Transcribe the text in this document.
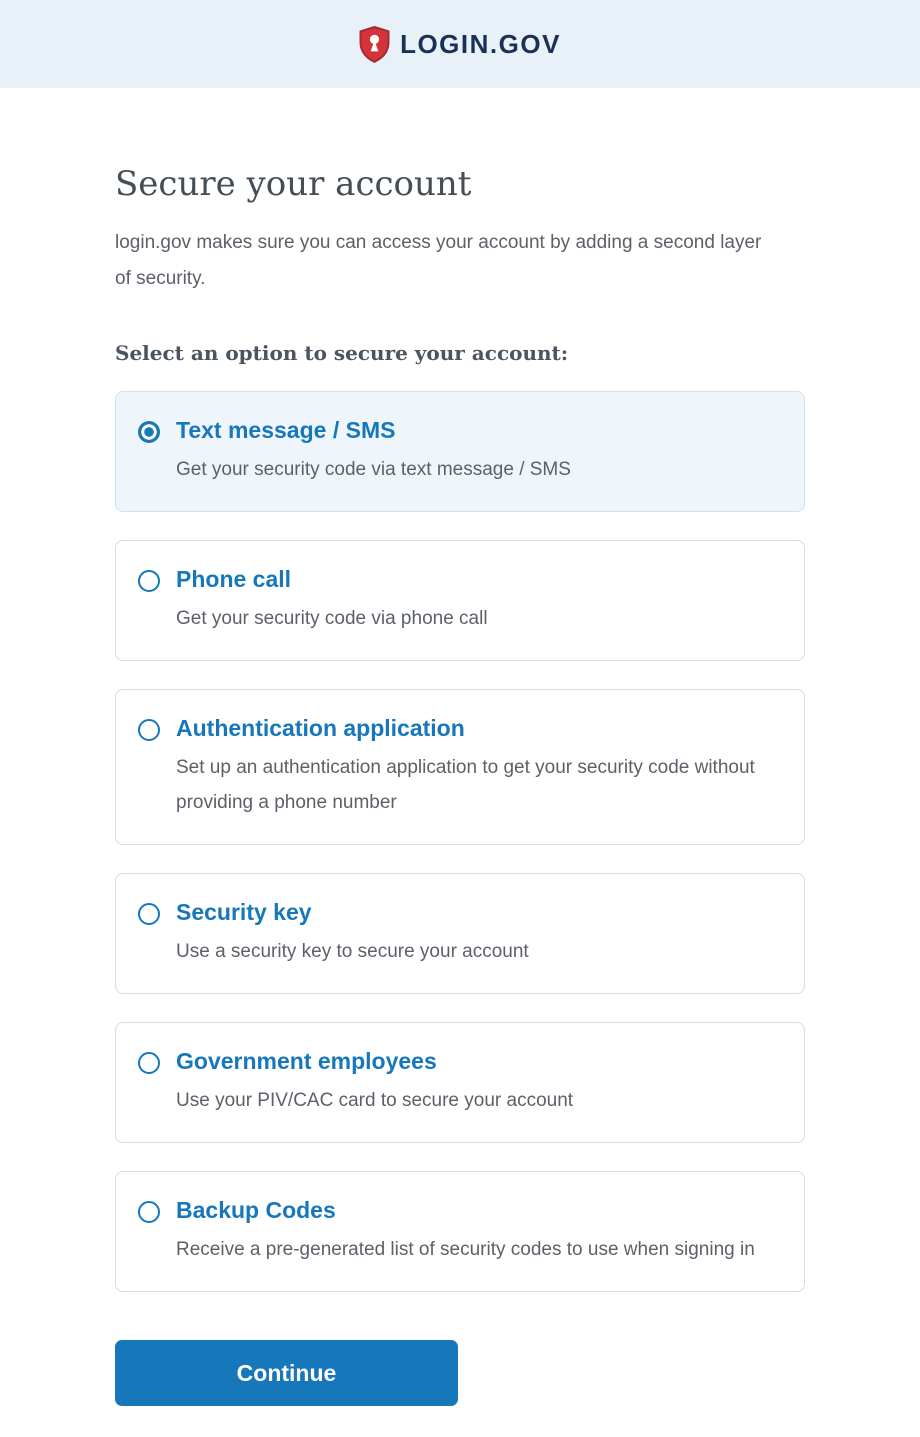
LOGIN.GOV
Secure your account

login.gov makes sure you can access your account by adding a second layer of security.

Select an option to secure your account:
Text message / SMS
Get your security code via text message / SMS
Phone call
Get your security code via phone call
Authentication application
Set up an authentication application to get your security code without providing a phone number
Security key
Use a security key to secure your account
Government employees
Use your PIV/CAC card to secure your account
Backup Codes
Receive a pre-generated list of security codes to use when signing in
Continue
